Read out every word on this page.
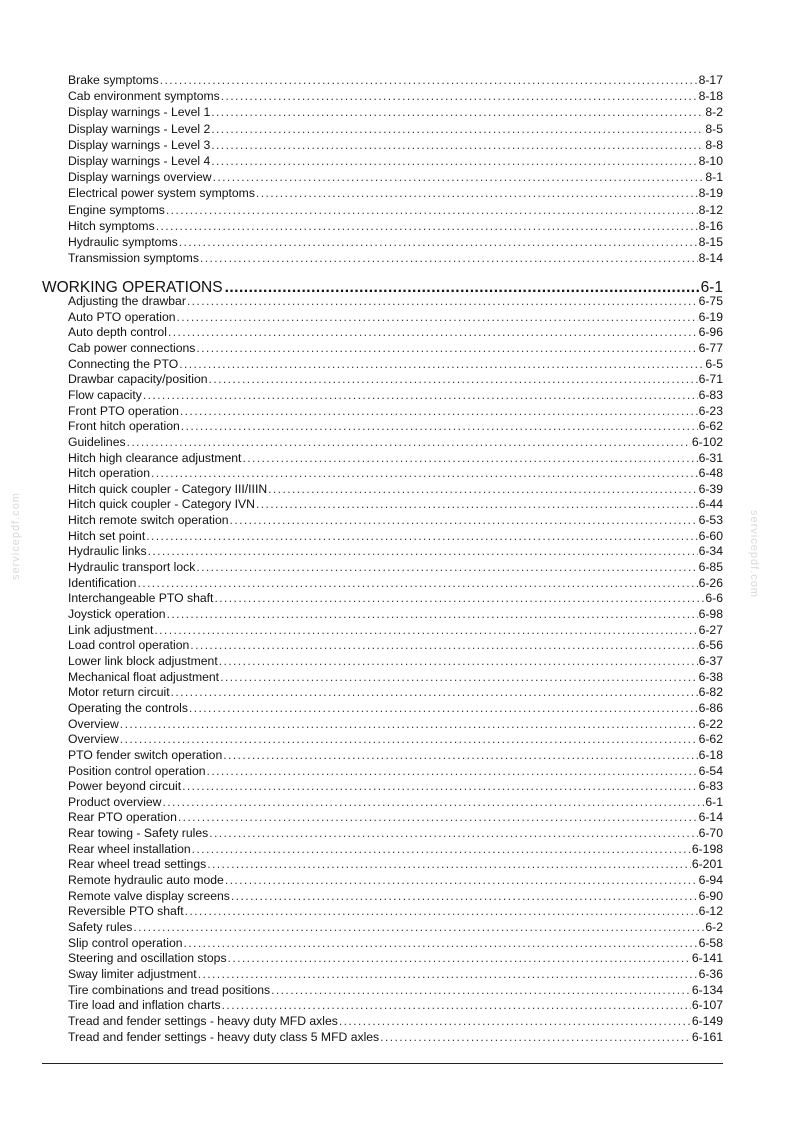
Brake symptoms . . .	8-17
Cab environment symptoms . . .	8-18
Display warnings - Level 1 . . .	8-2
Display warnings - Level 2 . . .	8-5
Display warnings - Level 3 . . .	8-8
Display warnings - Level 4 . . .	8-10
Display warnings overview . . .	8-1
Electrical power system symptoms . . .	8-19
Engine symptoms . . .	8-12
Hitch symptoms . . .	8-16
Hydraulic symptoms . . .	8-15
Transmission symptoms . . .	8-14
WORKING OPERATIONS .....	6-1
Adjusting the drawbar . . .	6-75
Auto PTO operation . . .	6-19
Auto depth control . . .	6-96
Cab power connections . . .	6-77
Connecting the PTO . . .	6-5
Drawbar capacity/position . . .	6-71
Flow capacity . . .	6-83
Front PTO operation . . .	6-23
Front hitch operation . . .	6-62
Guidelines . . .	6-102
Hitch high clearance adjustment . . .	6-31
Hitch operation . . .	6-48
Hitch quick coupler - Category III/IIIN . . .	6-39
Hitch quick coupler - Category IVN . . .	6-44
Hitch remote switch operation . . .	6-53
Hitch set point . . .	6-60
Hydraulic links . . .	6-34
Hydraulic transport lock . . .	6-85
Identification . . .	6-26
Interchangeable PTO shaft . . .	6-6
Joystick operation . . .	6-98
Link adjustment . . .	6-27
Load control operation . . .	6-56
Lower link block adjustment . . .	6-37
Mechanical float adjustment . . .	6-38
Motor return circuit . . .	6-82
Operating the controls . . .	6-86
Overview . . .	6-22
Overview . . .	6-62
PTO fender switch operation . . .	6-18
Position control operation . . .	6-54
Power beyond circuit . . .	6-83
Product overview . . .	6-1
Rear PTO operation . . .	6-14
Rear towing - Safety rules . . .	6-70
Rear wheel installation . . .	6-198
Rear wheel tread settings . . .	6-201
Remote hydraulic auto mode . . .	6-94
Remote valve display screens . . .	6-90
Reversible PTO shaft . . .	6-12
Safety rules . . .	6-2
Slip control operation . . .	6-58
Steering and oscillation stops . . .	6-141
Sway limiter adjustment . . .	6-36
Tire combinations and tread positions . . .	6-134
Tire load and inflation charts . . .	6-107
Tread and fender settings - heavy duty MFD axles . . .	6-149
Tread and fender settings - heavy duty class 5 MFD axles . . .	6-161
servicepdf.com	servicepdf.com
